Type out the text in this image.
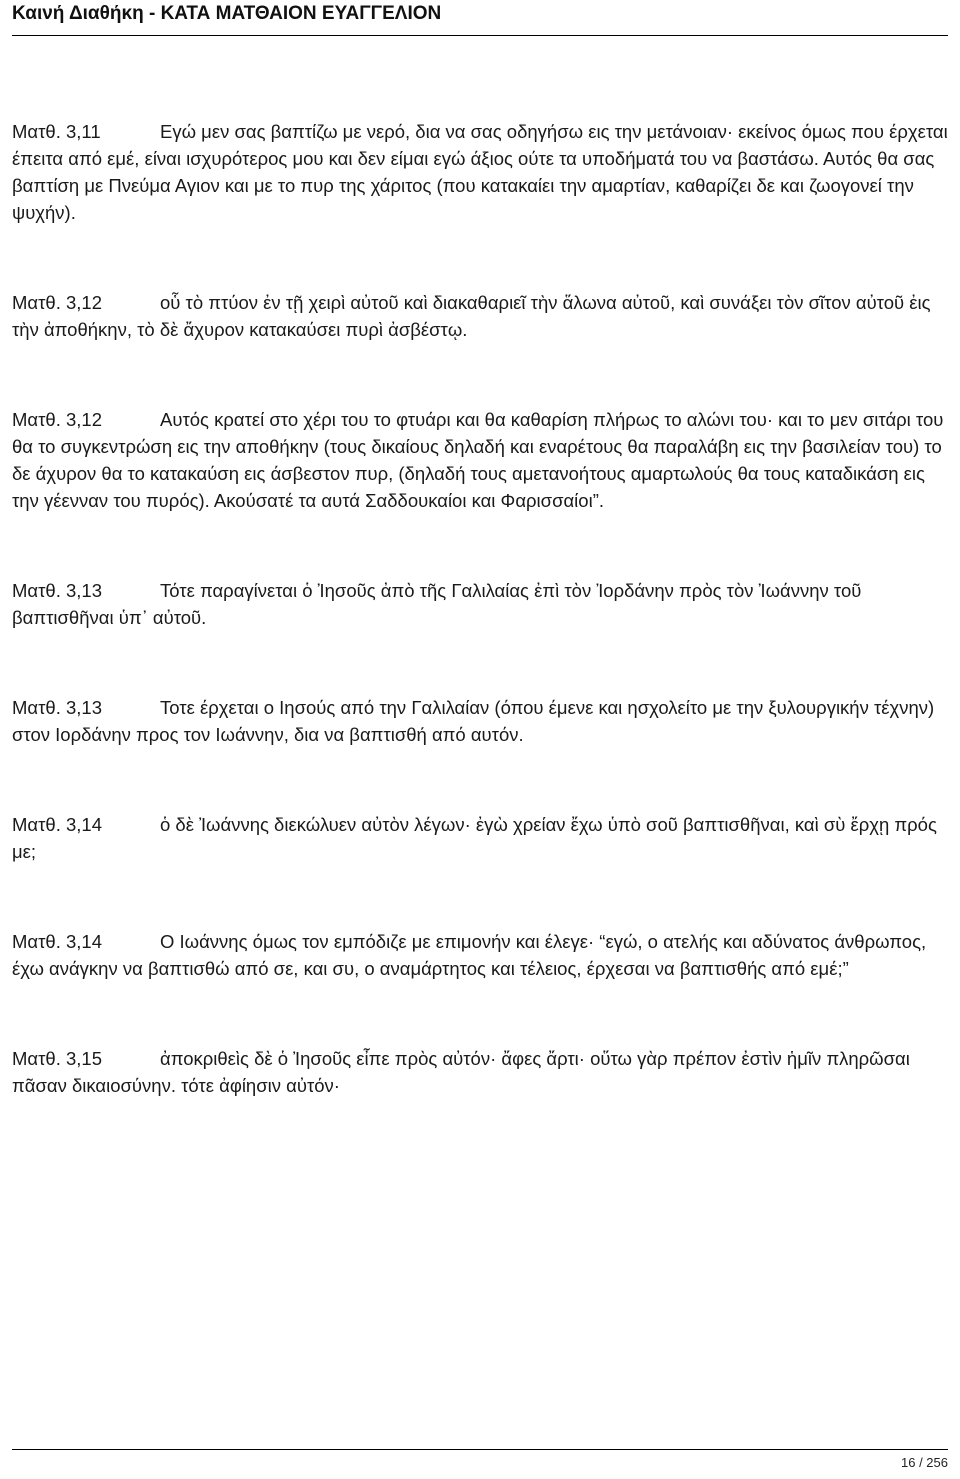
Καινή Διαθήκη - ΚΑΤΑ ΜΑΤΘΑΙΟΝ ΕΥΑΓΓΕΛΙΟΝ

Ματθ. 3,11	Εγώ μεν σας βαπτίζω με νερό, δια να σας οδηγήσω εις την μετάνοιαν· εκείνος όμως που έρχεται έπειτα από εμέ, είναι ισχυρότερος μου και δεν είμαι εγώ άξιος ούτε τα υποδήματά του να βαστάσω. Αυτός θα σας βαπτίση με Πνεύμα Αγιον και με το πυρ της χάριτος (που κατακαίει την αμαρτίαν, καθαρίζει δε και ζωογονεί την ψυχήν).

Ματθ. 3,12	οὗ τὸ πτύον ἐν τῇ χειρὶ αὐτοῦ καὶ διακαθαριεῖ τὴν ἅλωνα αὐτοῦ, καὶ συνάξει τὸν σῖτον αὐτοῦ ἐις τὴν ἀποθήκην, τὸ δὲ ἄχυρον κατακαύσει πυρὶ ἀσβέστῳ.

Ματθ. 3,12	Αυτός κρατεί στο χέρι του το φτυάρι και θα καθαρίση πλήρως το αλώνι του· και το μεν σιτάρι του θα το συγκεντρώση εις την αποθήκην (τους δικαίους δηλαδή και εναρέτους θα παραλάβη εις την βασιλείαν του) το δε άχυρον θα το κατακαύση εις άσβεστον πυρ, (δηλαδή τους αμετανοήτους αμαρτωλούς θα τους καταδικάση εις την γέενναν του πυρός). Ακούσατέ τα αυτά Σαδδουκαίοι και Φαρισσαίοι”.

Ματθ. 3,13	Τότε παραγίνεται ὁ Ἰησοῦς ἀπὸ τῆς Γαλιλαίας ἐπὶ τὸν Ἰορδάνην πρὸς τὸν Ἰωάννην τοῦ βαπτισθῆναι ὑπ᾿ αὐτοῦ.

Ματθ. 3,13	Τοτε έρχεται ο Ιησούς από την Γαλιλαίαν (όπου έμενε και ησχολείτο με την ξυλουργικήν τέχνην) στον Ιορδάνην προς τον Ιωάννην, δια να βαπτισθή από αυτόν.

Ματθ. 3,14	ὁ δὲ Ἰωάννης διεκώλυεν αὐτὸν λέγων· ἐγὼ χρείαν ἔχω ὑπὸ σοῦ βαπτισθῆναι, καὶ σὺ ἔρχῃ πρός με;

Ματθ. 3,14	Ο Ιωάννης όμως τον εμπόδιζε με επιμονήν και έλεγε· “εγώ, ο ατελής και αδύνατος άνθρωπος, έχω ανάγκην να βαπτισθώ από σε, και συ, ο αναμάρτητος και τέλειος, έρχεσαι να βαπτισθής από εμέ;”

Ματθ. 3,15	ἀποκριθεὶς δὲ ὁ Ἰησοῦς εἶπε πρὸς αὐτόν· ἄφες ἄρτι· οὕτω γὰρ πρέπον ἐστὶν ἡμῖν πληρῶσαι πᾶσαν δικαιοσύνην. τότε ἀφίησιν αὐτόν·

16 / 256
